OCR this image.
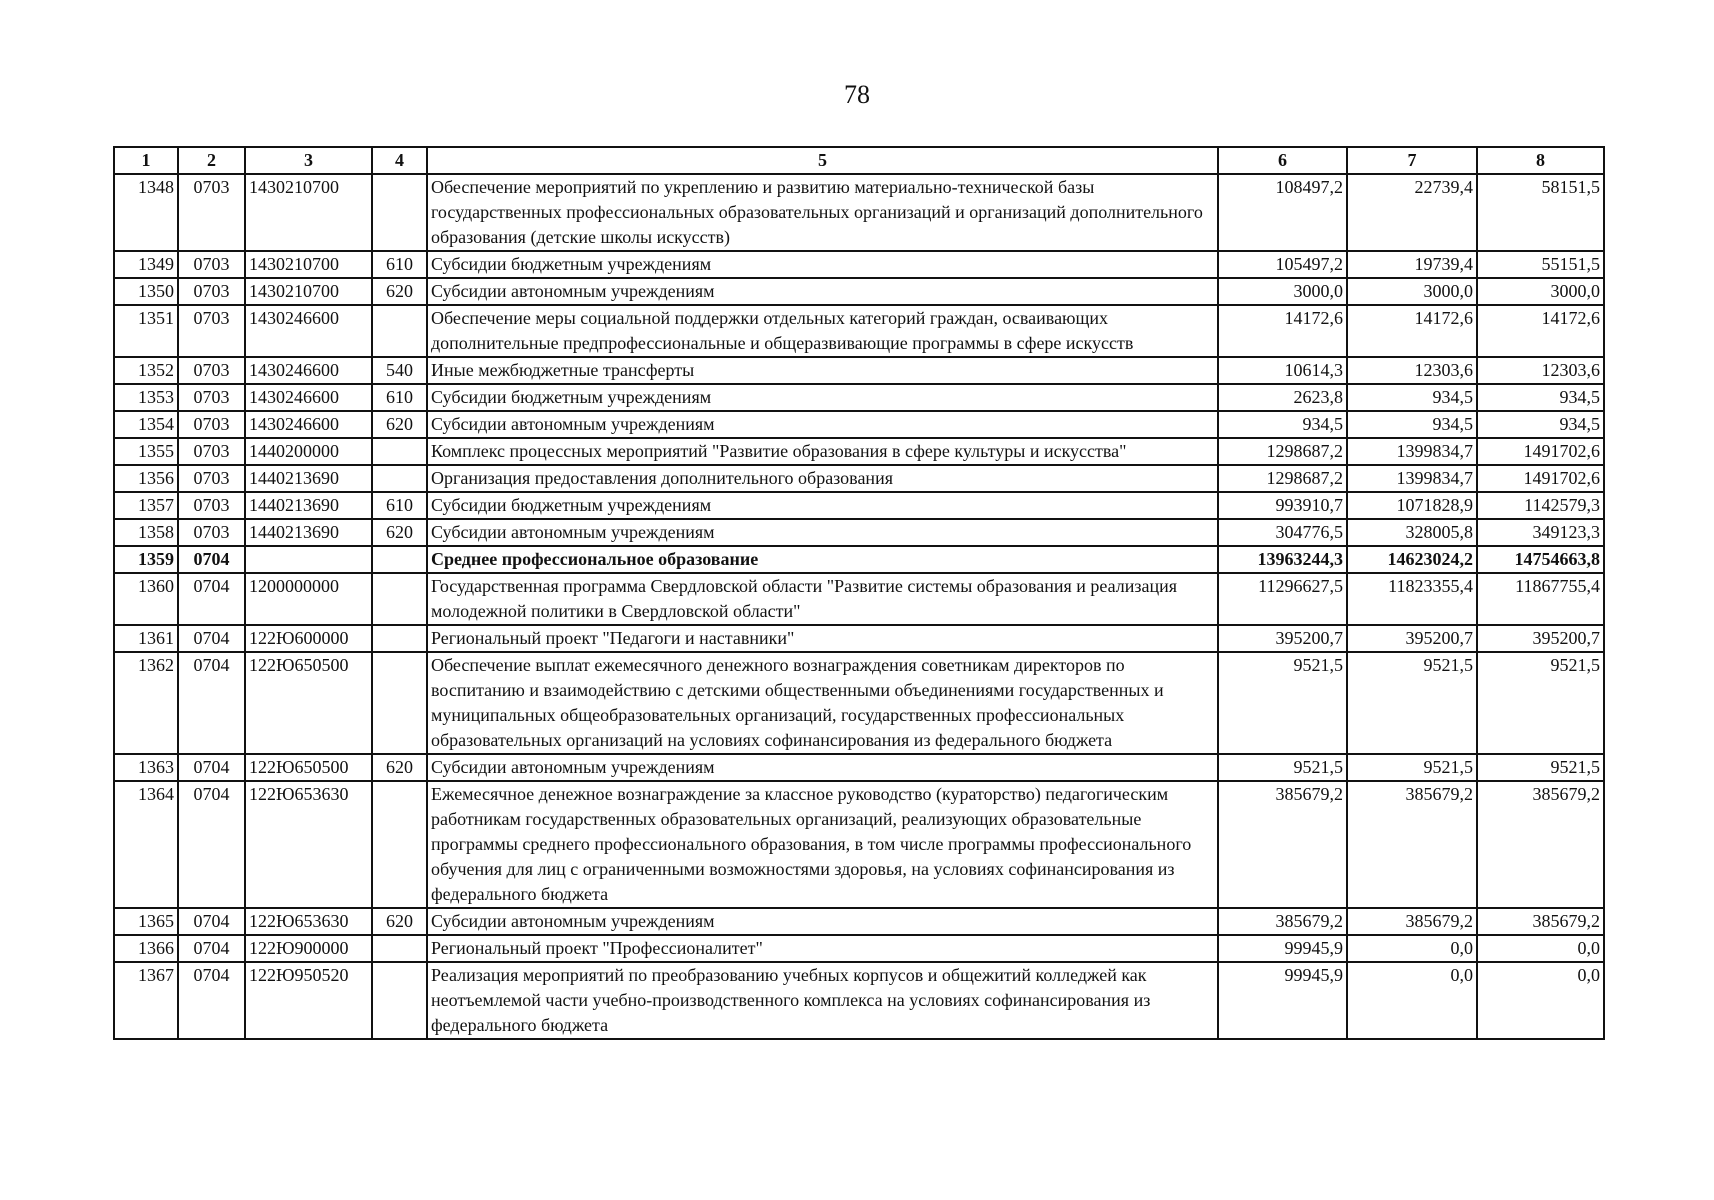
78
1	2	3	4	5	6	7	8
1348	0703	1430210700		Обеспечение мероприятий по укреплению и развитию материально-технической базы государственных профессиональных образовательных организаций и организаций дополнительного образования (детские школы искусств)	108497,2	22739,4	58151,5
1349	0703	1430210700	610	Субсидии бюджетным учреждениям	105497,2	19739,4	55151,5
1350	0703	1430210700	620	Субсидии автономным учреждениям	3000,0	3000,0	3000,0
1351	0703	1430246600		Обеспечение меры социальной поддержки отдельных категорий граждан, осваивающих дополнительные предпрофессиональные и общеразвивающие программы в сфере искусств	14172,6	14172,6	14172,6
1352	0703	1430246600	540	Иные межбюджетные трансферты	10614,3	12303,6	12303,6
1353	0703	1430246600	610	Субсидии бюджетным учреждениям	2623,8	934,5	934,5
1354	0703	1430246600	620	Субсидии автономным учреждениям	934,5	934,5	934,5
1355	0703	1440200000		Комплекс процессных мероприятий "Развитие образования в сфере культуры и искусства"	1298687,2	1399834,7	1491702,6
1356	0703	1440213690		Организация предоставления дополнительного образования	1298687,2	1399834,7	1491702,6
1357	0703	1440213690	610	Субсидии бюджетным учреждениям	993910,7	1071828,9	1142579,3
1358	0703	1440213690	620	Субсидии автономным учреждениям	304776,5	328005,8	349123,3
1359	0704			Среднее профессиональное образование	13963244,3	14623024,2	14754663,8
1360	0704	1200000000		Государственная программа Свердловской области "Развитие системы образования и реализация молодежной политики в Свердловской области"	11296627,5	11823355,4	11867755,4
1361	0704	122Ю600000		Региональный проект "Педагоги и наставники"	395200,7	395200,7	395200,7
1362	0704	122Ю650500		Обеспечение выплат ежемесячного денежного вознаграждения советникам директоров по воспитанию и взаимодействию с детскими общественными объединениями государственных и муниципальных общеобразовательных организаций, государственных профессиональных образовательных организаций на условиях софинансирования из федерального бюджета	9521,5	9521,5	9521,5
1363	0704	122Ю650500	620	Субсидии автономным учреждениям	9521,5	9521,5	9521,5
1364	0704	122Ю653630		Ежемесячное денежное вознаграждение за классное руководство (кураторство) педагогическим работникам государственных образовательных организаций, реализующих образовательные программы среднего профессионального образования, в том числе программы профессионального обучения для лиц с ограниченными возможностями здоровья, на условиях софинансирования из федерального бюджета	385679,2	385679,2	385679,2
1365	0704	122Ю653630	620	Субсидии автономным учреждениям	385679,2	385679,2	385679,2
1366	0704	122Ю900000		Региональный проект "Профессионалитет"	99945,9	0,0	0,0
1367	0704	122Ю950520		Реализация мероприятий по преобразованию учебных корпусов и общежитий колледжей как неотъемлемой части учебно-производственного комплекса на условиях софинансирования из федерального бюджета	99945,9	0,0	0,0
